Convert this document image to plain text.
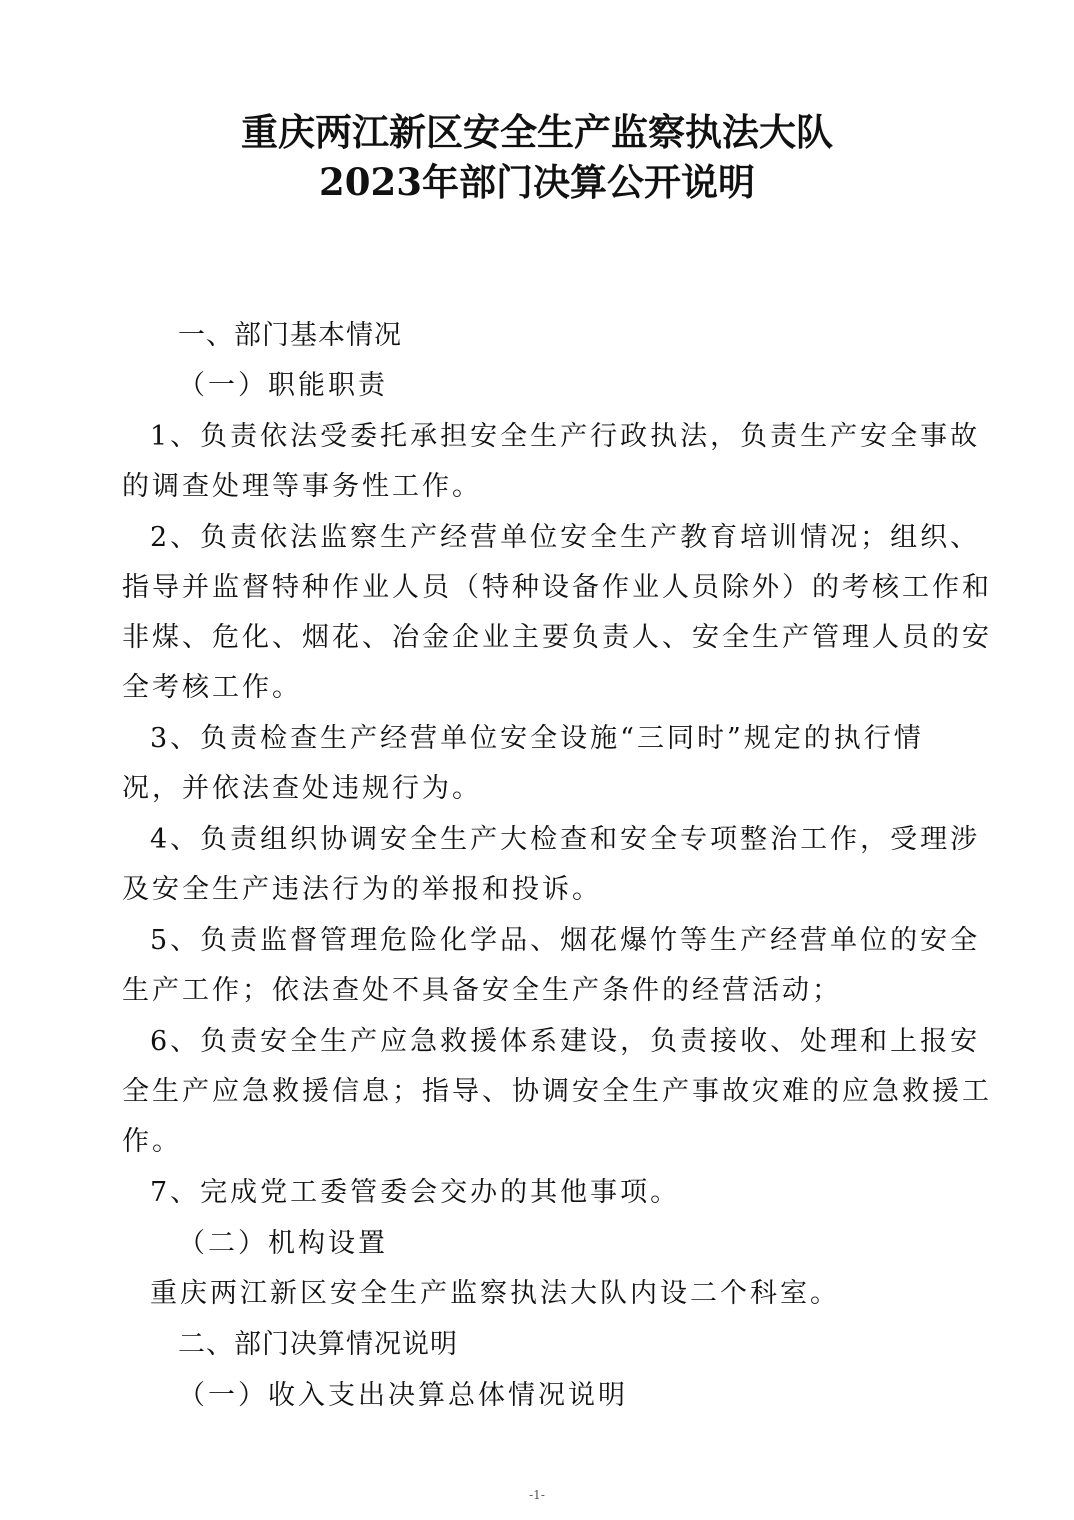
重庆两江新区安全生产监察执法大队
2023年部门决算公开说明
一、部门基本情况
（一）职能职责
1、负责依法受委托承担安全生产行政执法，负责生产安全事故
的调查处理等事务性工作。
2、负责依法监察生产经营单位安全生产教育培训情况；组织、
指导并监督特种作业人员（特种设备作业人员除外）的考核工作和
非煤、危化、烟花、冶金企业主要负责人、安全生产管理人员的安
全考核工作。
3、负责检查生产经营单位安全设施“三同时”规定的执行情
况，并依法查处违规行为。
4、负责组织协调安全生产大检查和安全专项整治工作，受理涉
及安全生产违法行为的举报和投诉。
5、负责监督管理危险化学品、烟花爆竹等生产经营单位的安全
生产工作；依法查处不具备安全生产条件的经营活动；
6、负责安全生产应急救援体系建设，负责接收、处理和上报安
全生产应急救援信息；指导、协调安全生产事故灾难的应急救援工
作。
7、完成党工委管委会交办的其他事项。
（二）机构设置
重庆两江新区安全生产监察执法大队内设二个科室。
二、部门决算情况说明
（一）收入支出决算总体情况说明
-1-
